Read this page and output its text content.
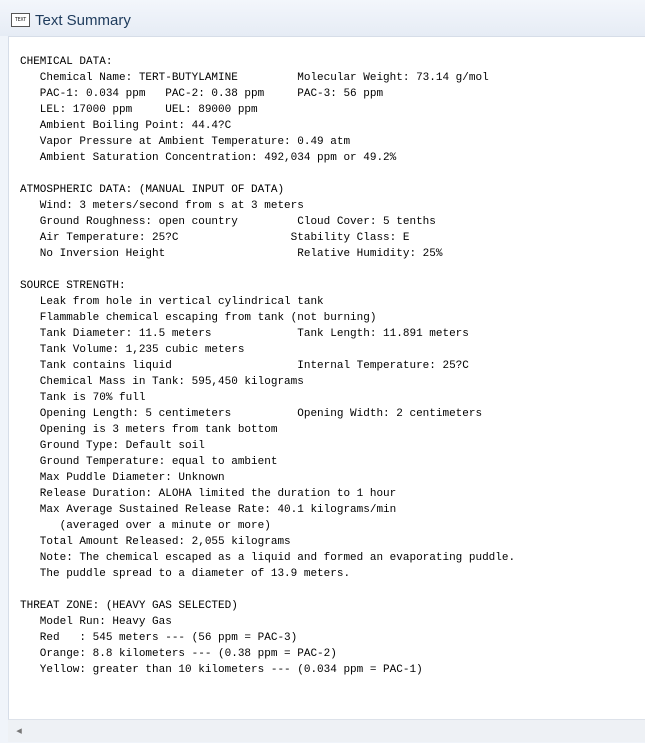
TEXT Text Summary
CHEMICAL DATA:
Chemical Name: TERT-BUTYLAMINE         Molecular Weight: 73.14 g/mol
PAC-1: 0.034 ppm   PAC-2: 0.38 ppm     PAC-3: 56 ppm
LEL: 17000 ppm     UEL: 89000 ppm
Ambient Boiling Point: 44.4?C
Vapor Pressure at Ambient Temperature: 0.49 atm
Ambient Saturation Concentration: 492,034 ppm or 49.2%
ATMOSPHERIC DATA: (MANUAL INPUT OF DATA)
Wind: 3 meters/second from s at 3 meters
Ground Roughness: open country         Cloud Cover: 5 tenths
Air Temperature: 25?C                 Stability Class: E
No Inversion Height                    Relative Humidity: 25%
SOURCE STRENGTH:
Leak from hole in vertical cylindrical tank
Flammable chemical escaping from tank (not burning)
Tank Diameter: 11.5 meters             Tank Length: 11.891 meters
Tank Volume: 1,235 cubic meters
Tank contains liquid                   Internal Temperature: 25?C
Chemical Mass in Tank: 595,450 kilograms
Tank is 70% full
Opening Length: 5 centimeters          Opening Width: 2 centimeters
Opening is 3 meters from tank bottom
Ground Type: Default soil
Ground Temperature: equal to ambient
Max Puddle Diameter: Unknown
Release Duration: ALOHA limited the duration to 1 hour
Max Average Sustained Release Rate: 40.1 kilograms/min
(averaged over a minute or more)
Total Amount Released: 2,055 kilograms
Note: The chemical escaped as a liquid and formed an evaporating puddle.
The puddle spread to a diameter of 13.9 meters.
THREAT ZONE: (HEAVY GAS SELECTED)
Model Run: Heavy Gas
Red   : 545 meters --- (56 ppm = PAC-3)
Orange: 8.8 kilometers --- (0.38 ppm = PAC-2)
Yellow: greater than 10 kilometers --- (0.034 ppm = PAC-1)
◂
